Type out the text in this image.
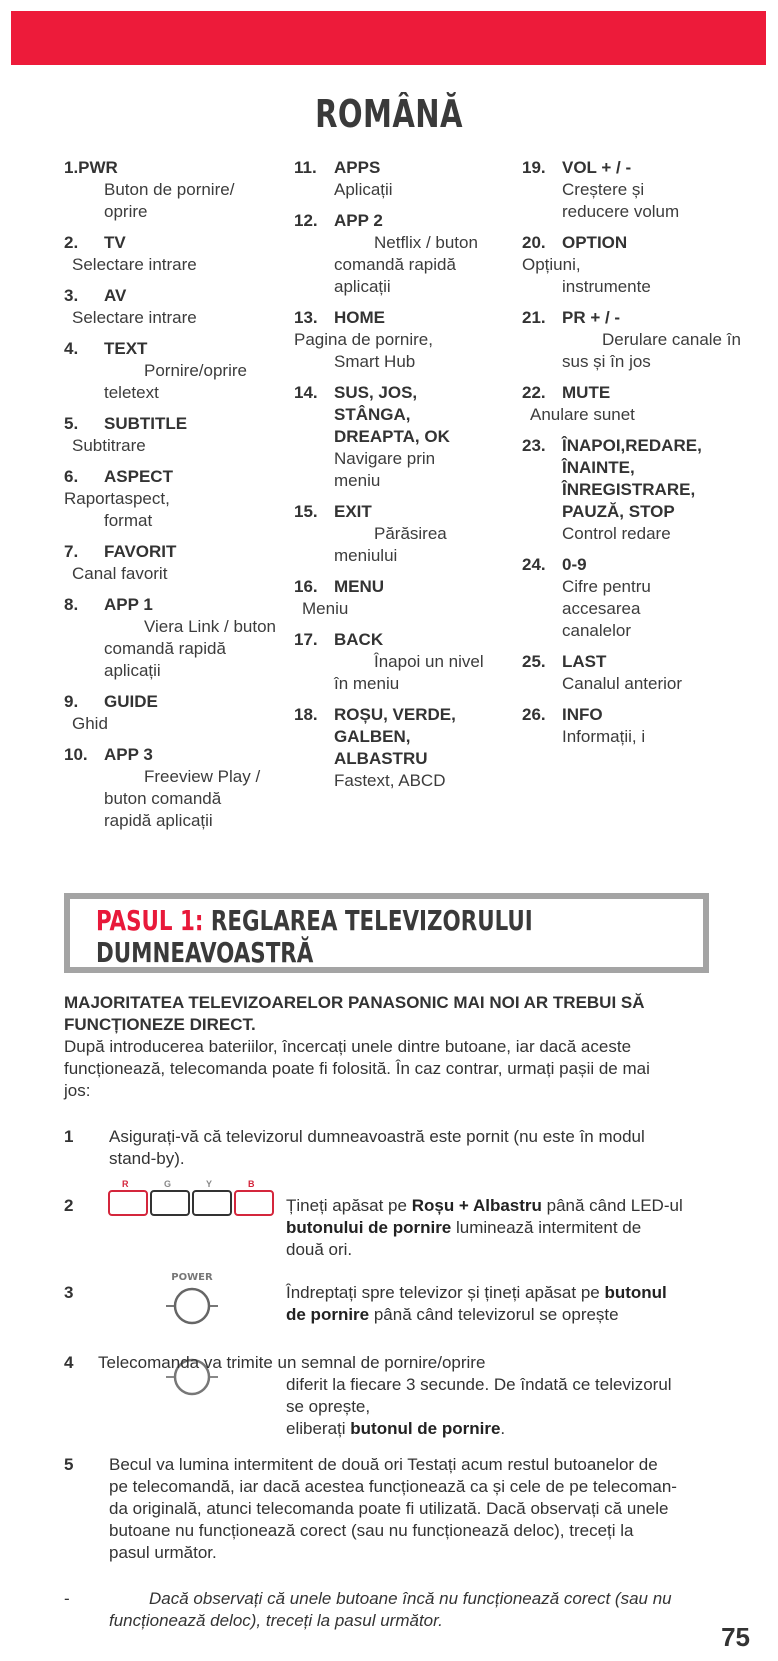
ROMÂNĂ
1.PWR
Buton de pornire/
oprire
2. TV
Selectare intrare
3. AV
Selectare intrare
4. TEXT
Pornire/oprire
teletext
5. SUBTITLE
Subtitrare
6. ASPECT
Raportaspect,
format
7. FAVORIT
Canal favorit
8. APP 1
Viera Link / buton
comandă rapidă
aplicații
9. GUIDE
Ghid
10. APP 3
Freeview Play /
buton comandă
rapidă aplicații
11. APPS
Aplicații
12. APP 2
Netflix / buton
comandă rapidă
aplicații
13. HOME
Pagina de pornire,
Smart Hub
14. SUS, JOS,
STÂNGA,
DREAPTA, OK
Navigare prin
meniu
15. EXIT
Părăsirea
meniului
16. MENU
Meniu
17. BACK
Înapoi un nivel
în meniu
18. ROȘU, VERDE,
GALBEN,
ALBASTRU
Fastext, ABCD
19. VOL + / -
Creștere și
reducere volum
20. OPTION
Opțiuni,
instrumente
21. PR + / -
Derulare canale în
sus și în jos
22. MUTE
Anulare sunet
23. ÎNAPOI,REDARE,
ÎNAINTE,
ÎNREGISTRARE,
PAUZĂ, STOP
Control redare
24. 0-9
Cifre pentru
accesarea
canalelor
25. LAST
Canalul anterior
26. INFO
Informații, i
PASUL 1: REGLAREA TELEVIZORULUI
DUMNEAVOASTRĂ
MAJORITATEA TELEVIZOARELOR PANASONIC MAI NOI AR TREBUI SĂ
FUNCȚIONEZE DIRECT.
După introducerea bateriilor, încercați unele dintre butoane, iar dacă aceste
funcționează, telecomanda poate fi folosită. În caz contrar, urmați pașii de mai
jos:
1 Asigurați-vă că televizorul dumneavoastră este pornit (nu este în modul
stand-by).
2	Țineți apăsat pe Roșu + Albastru până când LED-ul
butonului de pornire luminează intermitent de
două ori.
R	G	Y	B
3	Îndreptați spre televizor și țineți apăsat pe butonul
de pornire până când televizorul se oprește
POWER
4 Telecomanda va trimite un semnal de pornire/oprire
diferit la fiecare 3 secunde. De îndată ce televizorul
se oprește,
eliberați butonul de pornire.
5 Becul va lumina intermitent de două ori Testați acum restul butoanelor de
pe telecomandă, iar dacă acestea funcționează ca și cele de pe telecoman-
da originală, atunci telecomanda poate fi utilizată. Dacă observați că unele
butoane nu funcționează corect (sau nu funcționează deloc), treceți la
pasul următor.
-	Dacă observați că unele butoane încă nu funcționează corect (sau nu
funcționează deloc), treceți la pasul următor.
75
